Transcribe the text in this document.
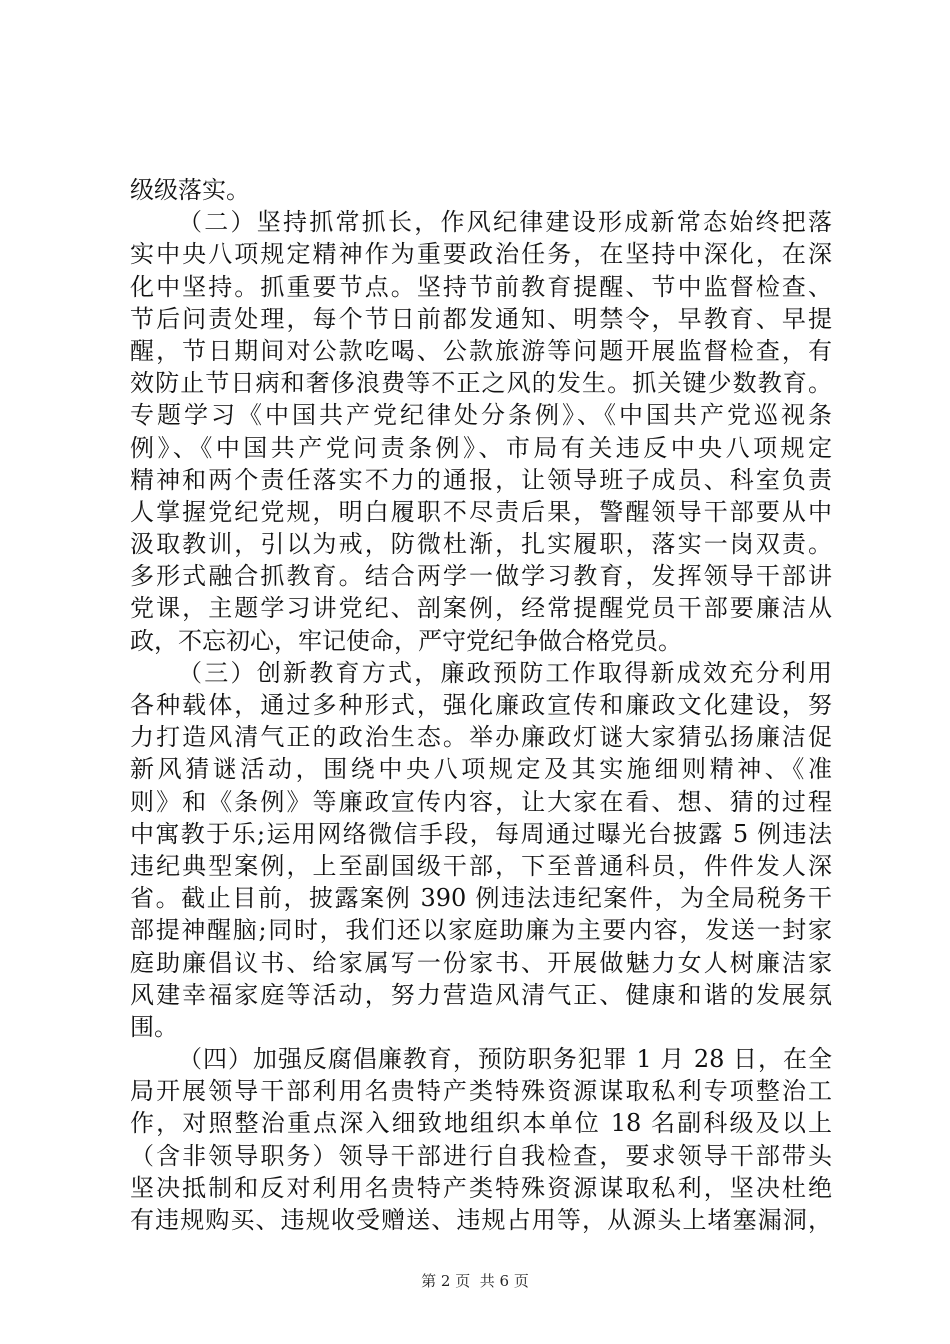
级级落实。
（二）坚持抓常抓长，作风纪律建设形成新常态始终把落
实中央八项规定精神作为重要政治任务，在坚持中深化，在深
化中坚持。抓重要节点。坚持节前教育提醒、节中监督检查、
节后问责处理，每个节日前都发通知、明禁令，早教育、早提
醒，节日期间对公款吃喝、公款旅游等问题开展监督检查，有
效防止节日病和奢侈浪费等不正之风的发生。抓关键少数教育。
专题学习《中国共产党纪律处分条例》、《中国共产党巡视条
例》、《中国共产党问责条例》、市局有关违反中央八项规定
精神和两个责任落实不力的通报，让领导班子成员、科室负责
人掌握党纪党规，明白履职不尽责后果，警醒领导干部要从中
汲取教训，引以为戒，防微杜渐，扎实履职，落实一岗双责。
多形式融合抓教育。结合两学一做学习教育，发挥领导干部讲
党课，主题学习讲党纪、剖案例，经常提醒党员干部要廉洁从
政，不忘初心，牢记使命，严守党纪争做合格党员。
（三）创新教育方式，廉政预防工作取得新成效充分利用
各种载体，通过多种形式，强化廉政宣传和廉政文化建设，努
力打造风清气正的政治生态。举办廉政灯谜大家猜弘扬廉洁促
新风猜谜活动，围绕中央八项规定及其实施细则精神、《准
则》和《条例》等廉政宣传内容，让大家在看、想、猜的过程
中寓教于乐;运用网络微信手段，每周通过曝光台披露 5 例违法
违纪典型案例，上至副国级干部，下至普通科员，件件发人深
省。截止目前，披露案例 390 例违法违纪案件，为全局税务干
部提神醒脑;同时，我们还以家庭助廉为主要内容，发送一封家
庭助廉倡议书、给家属写一份家书、开展做魅力女人树廉洁家
风建幸福家庭等活动，努力营造风清气正、健康和谐的发展氛
围。
（四）加强反腐倡廉教育，预防职务犯罪 1 月 28 日，在全
局开展领导干部利用名贵特产类特殊资源谋取私利专项整治工
作，对照整治重点深入细致地组织本单位 18 名副科级及以上
（含非领导职务）领导干部进行自我检查，要求领导干部带头
坚决抵制和反对利用名贵特产类特殊资源谋取私利，坚决杜绝
有违规购买、违规收受赠送、违规占用等，从源头上堵塞漏洞，
第 2 页  共 6 页
